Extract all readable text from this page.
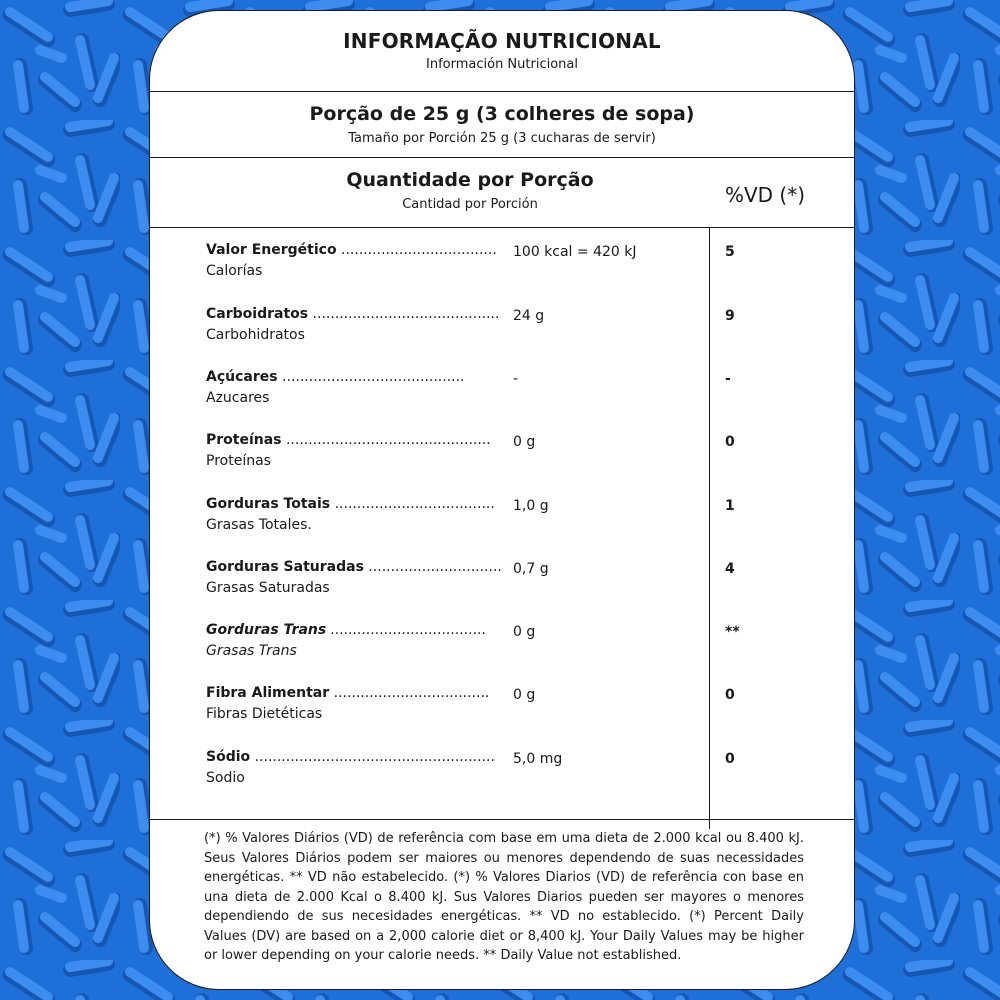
INFORMAÇÃO NUTRICIONAL
Información Nutricional
Porção de 25 g (3 colheres de sopa)
Tamaño por Porción 25 g (3 cucharas de servir)
Quantidade por Porção
Cantidad por Porción	%VD (*)
Valor Energético ...................................
Calorías
100 kcal = 420 kJ	5
Carboidratos ..........................................
Carbohidratos
24 g	9
Açúcares .........................................
Azucares
-	-
Proteínas ..............................................
Proteínas
0 g	0
Gorduras Totais ....................................
Grasas Totales.
1,0 g	1
Gorduras Saturadas ..............................
Grasas Saturadas
0,7 g	4
Gorduras Trans ...................................
Grasas Trans
0 g	**
Fibra Alimentar ...................................
Fibras Dietéticas
0 g	0
Sódio ......................................................
Sodio
5,0 mg	0
(*) % Valores Diários (VD) de referência com base em uma dieta de 2.000 kcal ou 8.400 kJ. Seus Valores Diários podem ser maiores ou menores dependendo de suas necessidades energéticas. ** VD não estabelecido. (*) % Valores Diarios (VD) de referência con base en una dieta de 2.000 Kcal o 8.400 kJ. Sus Valores Diarios pueden ser mayores o menores dependiendo de sus necesidades energéticas. ** VD no establecido. (*) Percent Daily Values (DV) are based on a 2,000 calorie diet or 8,400 kJ. Your Daily Values may be higher or lower depending on your calorie needs. ** Daily Value not established.
